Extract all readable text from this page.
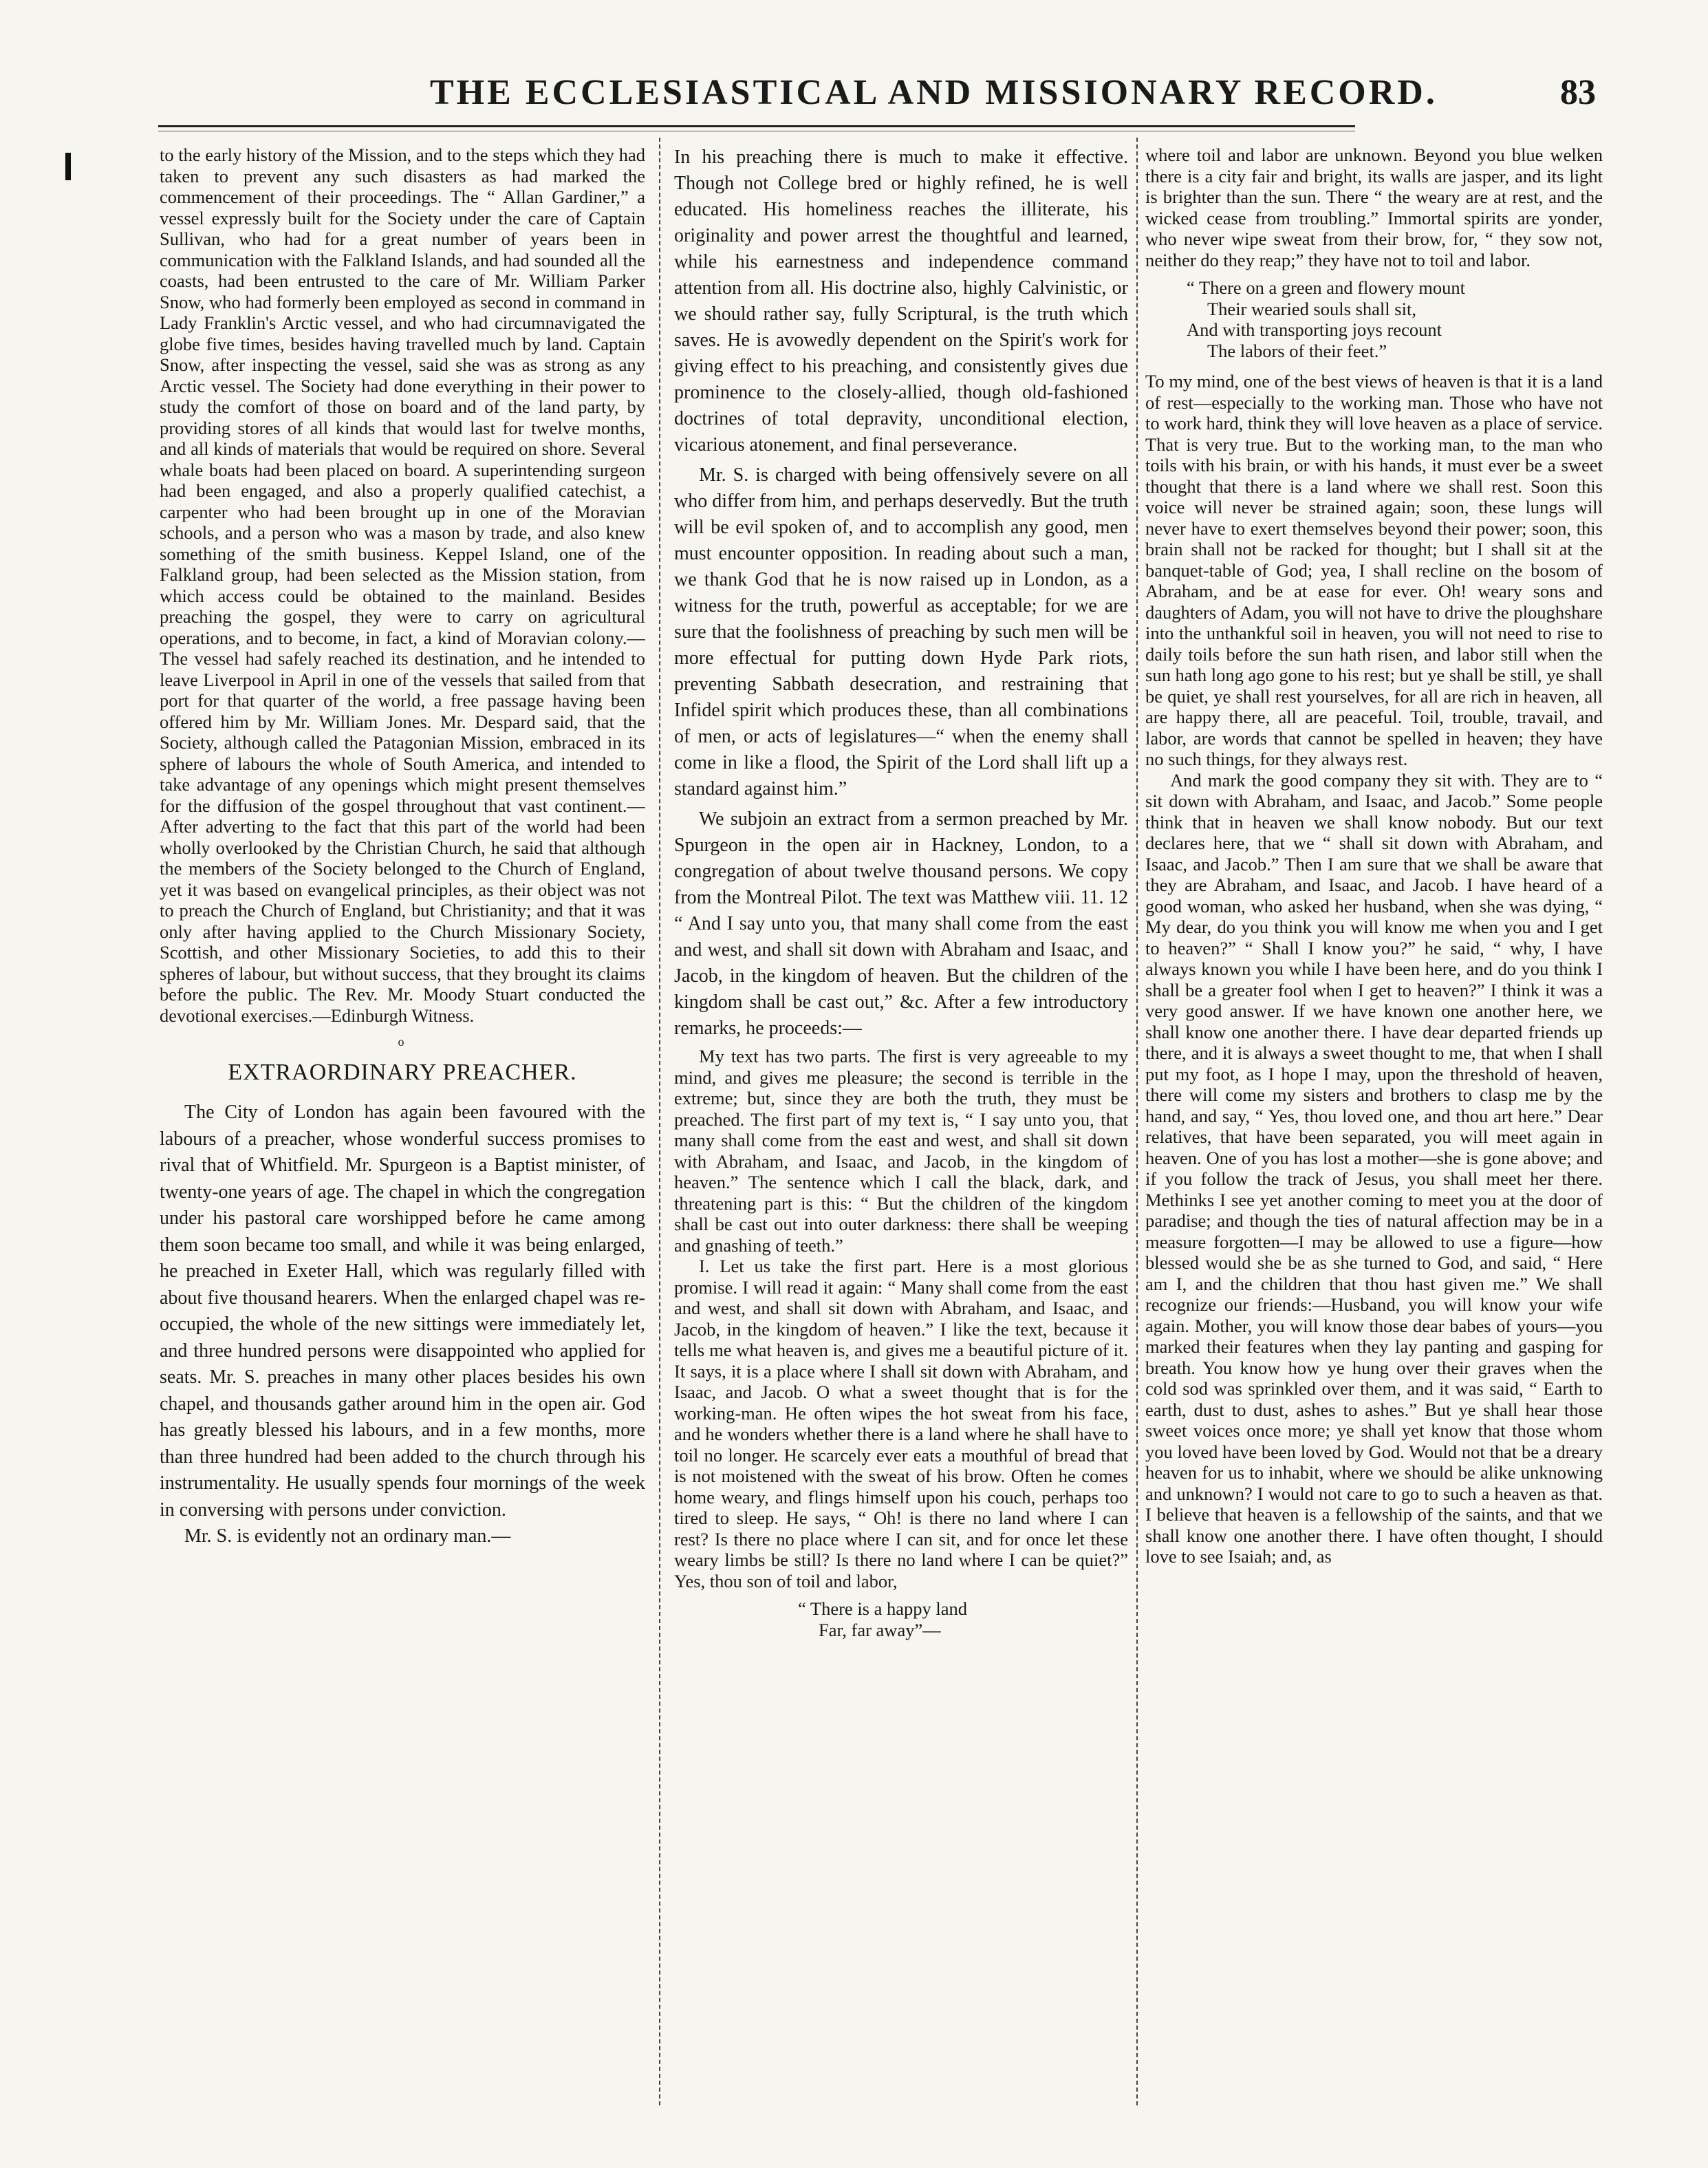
THE ECCLESIASTICAL AND MISSIONARY RECORD.	83

to the early history of the Mission, and to the steps which they had taken to prevent any such disasters as had marked the commencement of their proceedings. The “ Allan Gardiner,” a vessel expressly built for the Society under the care of Captain Sullivan, who had for a great number of years been in communication with the Falkland Islands, and had sounded all the coasts, had been entrusted to the care of Mr. William Parker Snow, who had formerly been employed as second in command in Lady Franklin's Arctic vessel, and who had circumnavigated the globe five times, besides having travelled much by land. Captain Snow, after inspecting the vessel, said she was as strong as any Arctic vessel. The Society had done everything in their power to study the comfort of those on board and of the land party, by providing stores of all kinds that would last for twelve months, and all kinds of materials that would be required on shore. Several whale boats had been placed on board. A superintending surgeon had been engaged, and also a properly qualified catechist, a carpenter who had been brought up in one of the Moravian schools, and a person who was a mason by trade, and also knew something of the smith business. Keppel Island, one of the Falkland group, had been selected as the Mission station, from which access could be obtained to the mainland. Besides preaching the gospel, they were to carry on agricultural operations, and to become, in fact, a kind of Moravian colony.— The vessel had safely reached its destination, and he intended to leave Liverpool in April in one of the vessels that sailed from that port for that quarter of the world, a free passage having been offered him by Mr. William Jones. Mr. Despard said, that the Society, although called the Patagonian Mission, embraced in its sphere of labours the whole of South America, and intended to take advantage of any openings which might present themselves for the diffusion of the gospel throughout that vast continent.— After adverting to the fact that this part of the world had been wholly overlooked by the Christian Church, he said that although the members of the Society belonged to the Church of England, yet it was based on evangelical principles, as their object was not to preach the Church of England, but Christianity; and that it was only after having applied to the Church Missionary Society, Scottish, and other Missionary Societies, to add this to their spheres of labour, but without success, that they brought its claims before the public. The Rev. Mr. Moody Stuart conducted the devotional exercises.—Edinburgh Witness.

o
EXTRAORDINARY PREACHER.

The City of London has again been favoured with the labours of a preacher, whose wonderful success promises to rival that of Whitfield. Mr. Spurgeon is a Baptist minister, of twenty-one years of age. The chapel in which the congregation under his pastoral care worshipped before he came among them soon became too small, and while it was being enlarged, he preached in Exeter Hall, which was regularly filled with about five thousand hearers. When the enlarged chapel was re-occupied, the whole of the new sittings were immediately let, and three hundred persons were disappointed who applied for seats. Mr. S. preaches in many other places besides his own chapel, and thousands gather around him in the open air. God has greatly blessed his labours, and in a few months, more than three hundred had been added to the church through his instrumentality. He usually spends four mornings of the week in conversing with persons under conviction.

Mr. S. is evidently not an ordinary man.—

In his preaching there is much to make it effective. Though not College bred or highly refined, he is well educated. His homeliness reaches the illiterate, his originality and power arrest the thoughtful and learned, while his earnestness and independence command attention from all. His doctrine also, highly Calvinistic, or we should rather say, fully Scriptural, is the truth which saves. He is avowedly dependent on the Spirit's work for giving effect to his preaching, and consistently gives due prominence to the closely-allied, though old-fashioned doctrines of total depravity, unconditional election, vicarious atonement, and final perseverance.

Mr. S. is charged with being offensively severe on all who differ from him, and perhaps deservedly. But the truth will be evil spoken of, and to accomplish any good, men must encounter opposition. In reading about such a man, we thank God that he is now raised up in London, as a witness for the truth, powerful as acceptable; for we are sure that the foolishness of preaching by such men will be more effectual for putting down Hyde Park riots, preventing Sabbath desecration, and restraining that Infidel spirit which produces these, than all combinations of men, or acts of legislatures—“ when the enemy shall come in like a flood, the Spirit of the Lord shall lift up a standard against him.”

We subjoin an extract from a sermon preached by Mr. Spurgeon in the open air in Hackney, London, to a congregation of about twelve thousand persons. We copy from the Montreal Pilot. The text was Matthew viii. 11. 12 “ And I say unto you, that many shall come from the east and west, and shall sit down with Abraham and Isaac, and Jacob, in the kingdom of heaven. But the children of the kingdom shall be cast out,” &c. After a few introductory remarks, he proceeds:—

My text has two parts. The first is very agreeable to my mind, and gives me pleasure; the second is terrible in the extreme; but, since they are both the truth, they must be preached. The first part of my text is, “ I say unto you, that many shall come from the east and west, and shall sit down with Abraham, and Isaac, and Jacob, in the kingdom of heaven.” The sentence which I call the black, dark, and threatening part is this: “ But the children of the kingdom shall be cast out into outer darkness: there shall be weeping and gnashing of teeth.”

I. Let us take the first part. Here is a most glorious promise. I will read it again: “ Many shall come from the east and west, and shall sit down with Abraham, and Isaac, and Jacob, in the kingdom of heaven.” I like the text, because it tells me what heaven is, and gives me a beautiful picture of it. It says, it is a place where I shall sit down with Abraham, and Isaac, and Jacob. O what a sweet thought that is for the working-man. He often wipes the hot sweat from his face, and he wonders whether there is a land where he shall have to toil no longer. He scarcely ever eats a mouthful of bread that is not moistened with the sweat of his brow. Often he comes home weary, and flings himself upon his couch, perhaps too tired to sleep. He says, “ Oh! is there no land where I can rest? Is there no place where I can sit, and for once let these weary limbs be still? Is there no land where I can be quiet?” Yes, thou son of toil and labor,

“ There is a happy land
Far, far away”—

where toil and labor are unknown. Beyond you blue welken there is a city fair and bright, its walls are jasper, and its light is brighter than the sun. There “ the weary are at rest, and the wicked cease from troubling.” Immortal spirits are yonder, who never wipe sweat from their brow, for, “ they sow not, neither do they reap;” they have not to toil and labor.

“ There on a green and flowery mount
Their wearied souls shall sit,
And with transporting joys recount
The labors of their feet.”

To my mind, one of the best views of heaven is that it is a land of rest—especially to the working man. Those who have not to work hard, think they will love heaven as a place of service. That is very true. But to the working man, to the man who toils with his brain, or with his hands, it must ever be a sweet thought that there is a land where we shall rest. Soon this voice will never be strained again; soon, these lungs will never have to exert themselves beyond their power; soon, this brain shall not be racked for thought; but I shall sit at the banquet-table of God; yea, I shall recline on the bosom of Abraham, and be at ease for ever. Oh! weary sons and daughters of Adam, you will not have to drive the ploughshare into the unthankful soil in heaven, you will not need to rise to daily toils before the sun hath risen, and labor still when the sun hath long ago gone to his rest; but ye shall be still, ye shall be quiet, ye shall rest yourselves, for all are rich in heaven, all are happy there, all are peaceful. Toil, trouble, travail, and labor, are words that cannot be spelled in heaven; they have no such things, for they always rest.

And mark the good company they sit with. They are to “ sit down with Abraham, and Isaac, and Jacob.” Some people think that in heaven we shall know nobody. But our text declares here, that we “ shall sit down with Abraham, and Isaac, and Jacob.” Then I am sure that we shall be aware that they are Abraham, and Isaac, and Jacob. I have heard of a good woman, who asked her husband, when she was dying, “ My dear, do you think you will know me when you and I get to heaven?” “ Shall I know you?” he said, “ why, I have always known you while I have been here, and do you think I shall be a greater fool when I get to heaven?” I think it was a very good answer. If we have known one another here, we shall know one another there. I have dear departed friends up there, and it is always a sweet thought to me, that when I shall put my foot, as I hope I may, upon the threshold of heaven, there will come my sisters and brothers to clasp me by the hand, and say, “ Yes, thou loved one, and thou art here.” Dear relatives, that have been separated, you will meet again in heaven. One of you has lost a mother—she is gone above; and if you follow the track of Jesus, you shall meet her there. Methinks I see yet another coming to meet you at the door of paradise; and though the ties of natural affection may be in a measure forgotten—I may be allowed to use a figure—how blessed would she be as she turned to God, and said, “ Here am I, and the children that thou hast given me.” We shall recognize our friends:—Husband, you will know your wife again. Mother, you will know those dear babes of yours—you marked their features when they lay panting and gasping for breath. You know how ye hung over their graves when the cold sod was sprinkled over them, and it was said, “ Earth to earth, dust to dust, ashes to ashes.” But ye shall hear those sweet voices once more; ye shall yet know that those whom you loved have been loved by God. Would not that be a dreary heaven for us to inhabit, where we should be alike unknowing and unknown? I would not care to go to such a heaven as that. I believe that heaven is a fellowship of the saints, and that we shall know one another there. I have often thought, I should love to see Isaiah; and, as
